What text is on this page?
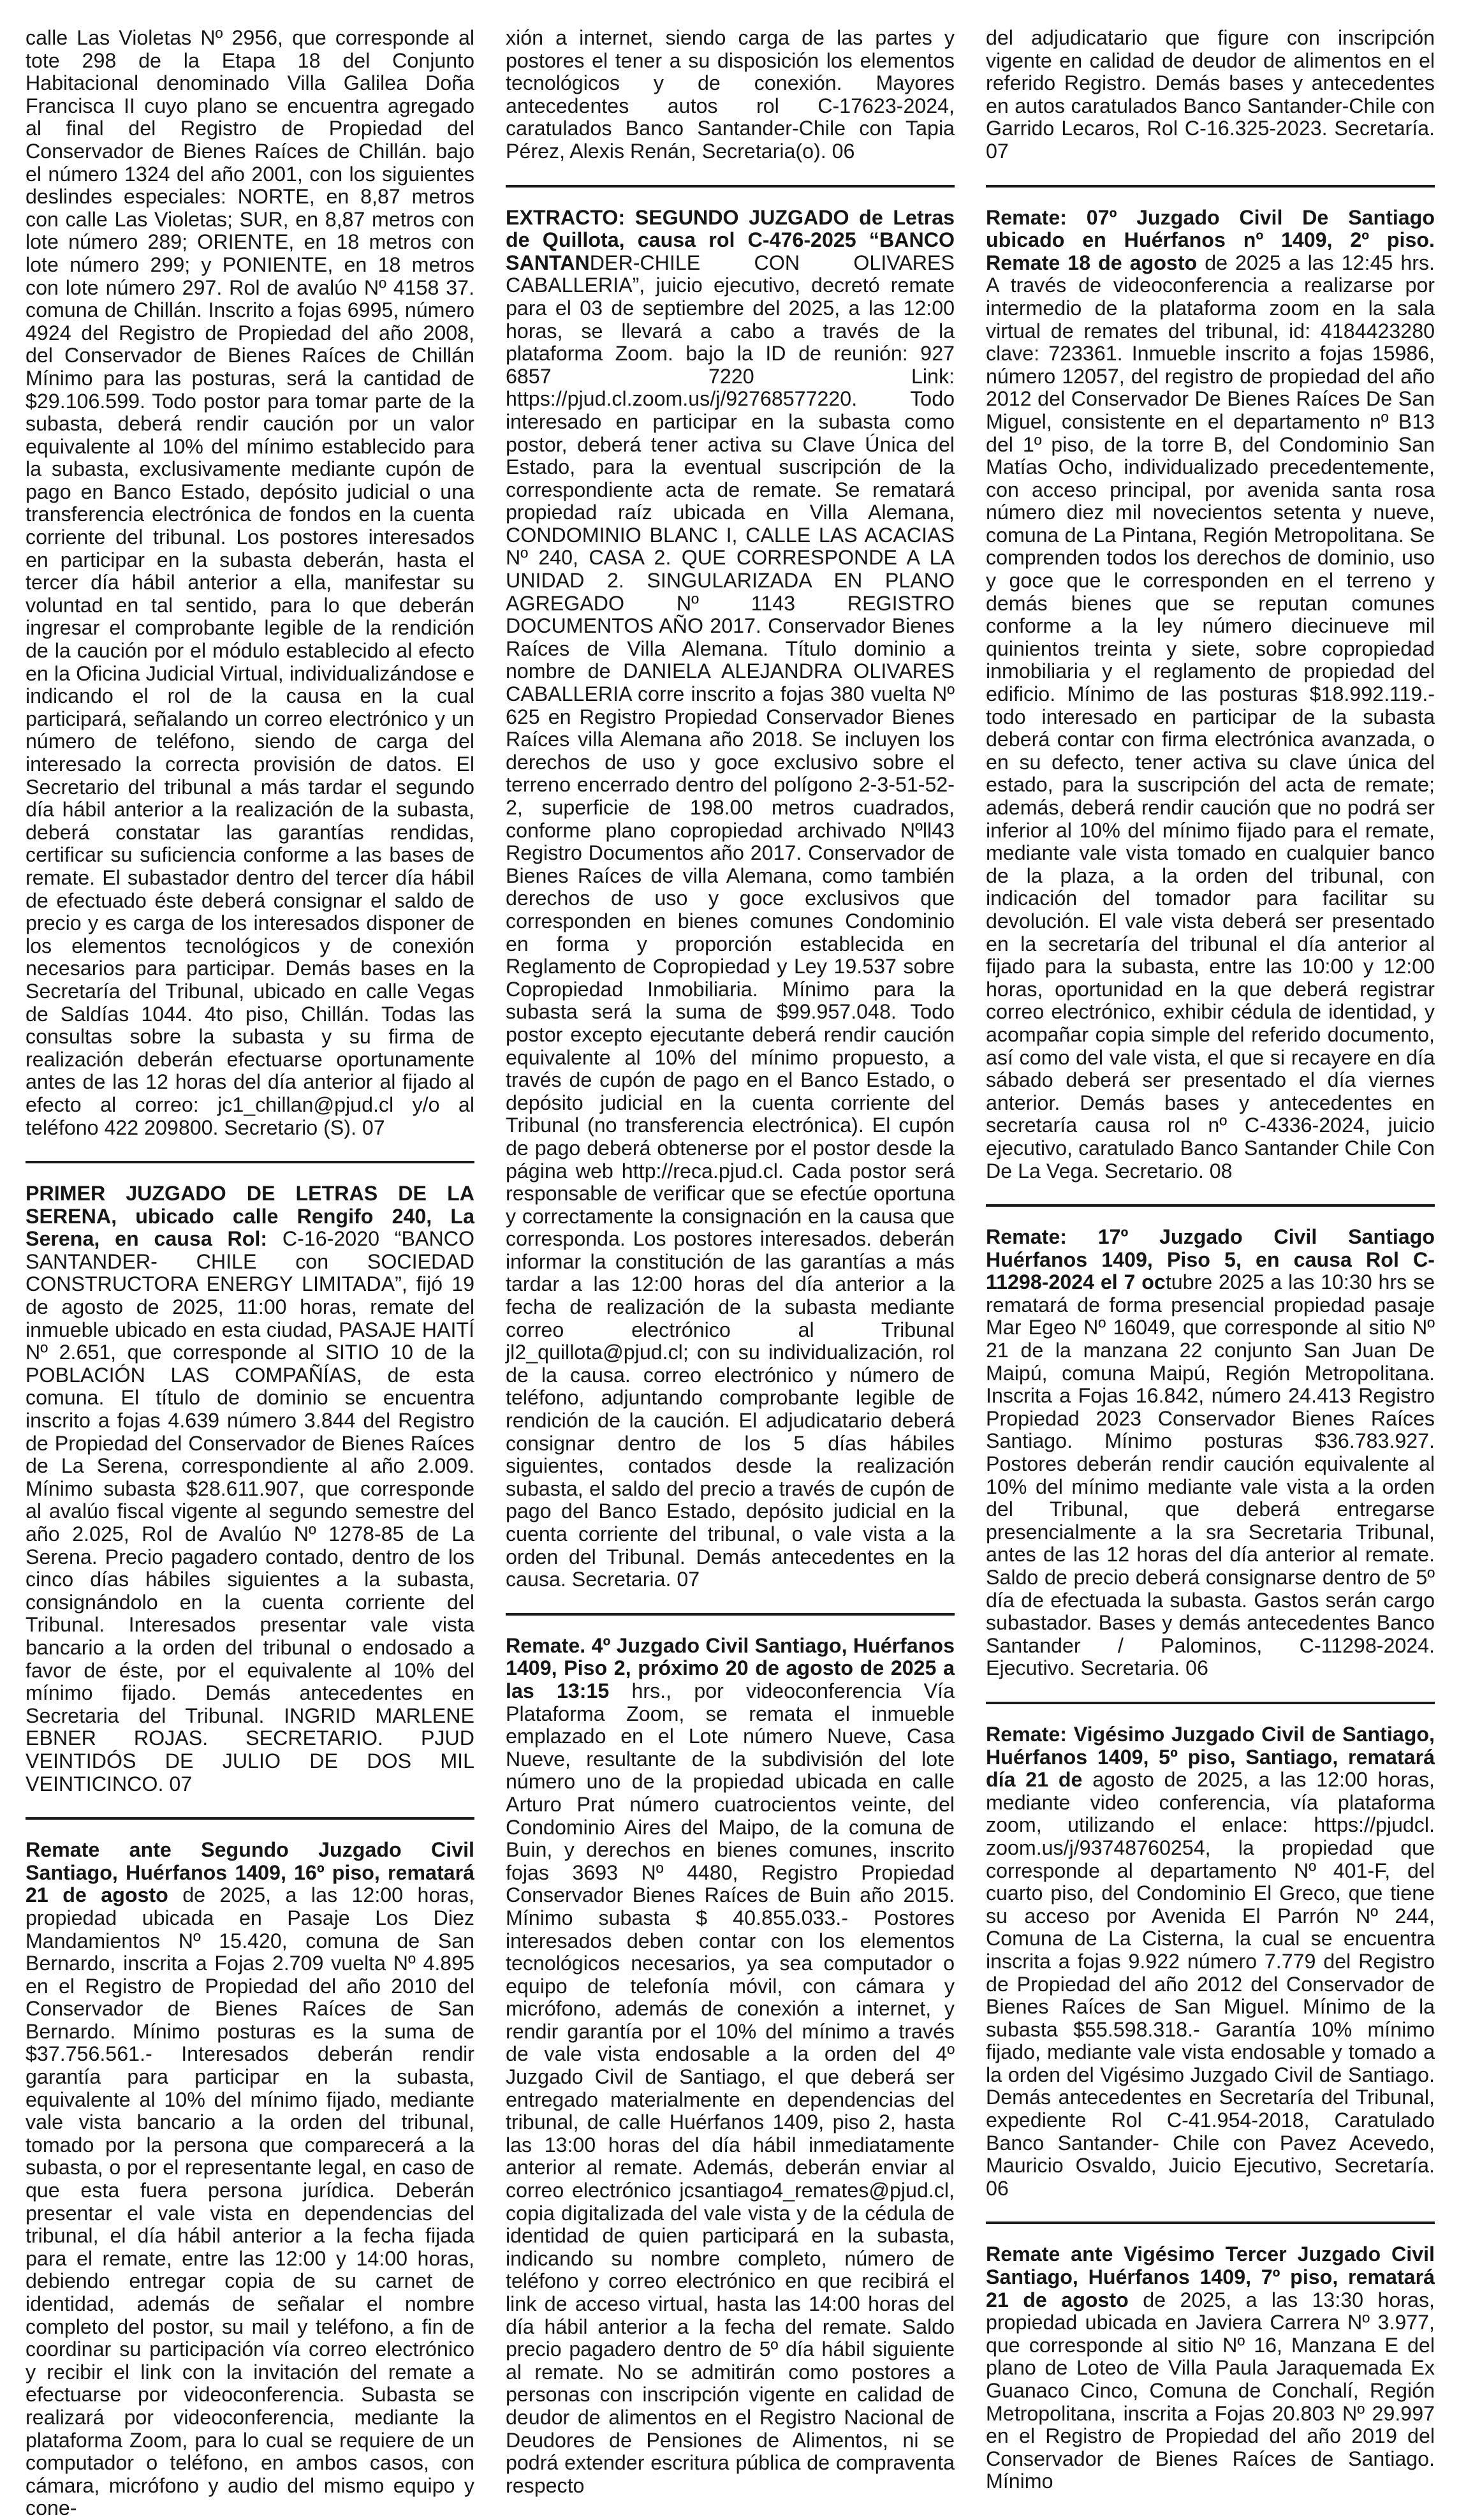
calle Las Violetas Nº 2956, que corresponde al tote 298 de la Etapa 18 del Conjunto Habitacional denominado Villa Galilea Doña Francisca II cuyo plano se encuentra agregado al final del Registro de Propiedad del Conservador de Bienes Raíces de Chillán. bajo el número 1324 del año 2001, con los siguientes deslindes especiales: NORTE, en 8,87 metros con calle Las Violetas; SUR, en 8,87 metros con lote número 289; ORIENTE, en 18 metros con lote número 299; y PONIENTE, en 18 metros con lote número 297. Rol de avalúo Nº 4158 37. comuna de Chillán. Inscrito a fojas 6995, número 4924 del Registro de Propiedad del año 2008, del Conservador de Bienes Raíces de Chillán Mínimo para las posturas, será la cantidad de $29.106.599. Todo postor para tomar parte de la subasta, deberá rendir caución por un valor equivalente al 10% del mínimo establecido para la subasta, exclusivamente mediante cupón de pago en Banco Estado, depósito judicial o una transferencia electrónica de fondos en la cuenta corriente del tribunal. Los postores interesados en participar en la subasta deberán, hasta el tercer día hábil anterior a ella, manifestar su voluntad en tal sentido, para lo que deberán ingresar el comprobante legible de la rendición de la caución por el módulo establecido al efecto en la Oficina Judicial Virtual, individualizándose e indicando el rol de la causa en la cual participará, señalando un correo electrónico y un número de teléfono, siendo de carga del interesado la correcta provisión de datos. El Secretario del tribunal a más tardar el segundo día hábil anterior a la realización de la subasta, deberá constatar las garantías rendidas, certificar su suficiencia conforme a las bases de remate. El subastador dentro del tercer día hábil de efectuado éste deberá consignar el saldo de precio y es carga de los interesados disponer de los elementos tecnológicos y de conexión necesarios para participar. Demás bases en la Secretaría del Tribunal, ubicado en calle Vegas de Saldías 1044. 4to piso, Chillán. Todas las consultas sobre la subasta y su firma de realización deberán efectuarse oportunamente antes de las 12 horas del día anterior al fijado al efecto al correo: jc1_chillan@pjud.cl y/o al teléfono 422 209800. Secretario (S). 07

PRIMER JUZGADO DE LETRAS DE LA SERENA, ubicado calle Rengifo 240, La Serena, en causa Rol: C-16-2020 “BANCO SANTANDER- CHILE con SOCIEDAD CONSTRUCTORA ENERGY LIMITADA”, fijó 19 de agosto de 2025, 11:00 horas, remate del inmueble ubicado en esta ciudad, PASAJE HAITÍ Nº 2.651, que corresponde al SITIO 10 de la POBLACIÓN LAS COMPAÑÍAS, de esta comuna. El título de dominio se encuentra inscrito a fojas 4.639 número 3.844 del Registro de Propiedad del Conservador de Bienes Raíces de La Serena, correspondiente al año 2.009. Mínimo subasta $28.611.907, que corresponde al avalúo fiscal vigente al segundo semestre del año 2.025, Rol de Avalúo Nº 1278-85 de La Serena. Precio pagadero contado, dentro de los cinco días hábiles siguientes a la subasta, consignándolo en la cuenta corriente del Tribunal. Interesados presentar vale vista bancario a la orden del tribunal o endosado a favor de éste, por el equivalente al 10% del mínimo fijado. Demás antecedentes en Secretaria del Tribunal. INGRID MARLENE EBNER ROJAS. SECRETARIO. PJUD VEINTIDÓS DE JULIO DE DOS MIL VEINTICINCO. 07

Remate ante Segundo Juzgado Civil Santiago, Huérfanos 1409, 16º piso, rematará 21 de agosto de 2025, a las 12:00 horas, propiedad ubicada en Pasaje Los Diez Mandamientos Nº 15.420, comuna de San Bernardo, inscrita a Fojas 2.709 vuelta Nº 4.895 en el Registro de Propiedad del año 2010 del Conservador de Bienes Raíces de San Bernardo. Mínimo posturas es la suma de $37.756.561.- Interesados deberán rendir garantía para participar en la subasta, equivalente al 10% del mínimo fijado, mediante vale vista bancario a la orden del tribunal, tomado por la persona que comparecerá a la subasta, o por el representante legal, en caso de que esta fuera persona jurídica. Deberán presentar el vale vista en dependencias del tribunal, el día hábil anterior a la fecha fijada para el remate, entre las 12:00 y 14:00 horas, debiendo entregar copia de su carnet de identidad, además de señalar el nombre completo del postor, su mail y teléfono, a fin de coordinar su participación vía correo electrónico y recibir el link con la invitación del remate a efectuarse por videoconferencia. Subasta se realizará por videoconferencia, mediante la plataforma Zoom, para lo cual se requiere de un computador o teléfono, en ambos casos, con cámara, micrófono y audio del mismo equipo y cone-

xión a internet, siendo carga de las partes y postores el tener a su disposición los elementos tecnológicos y de conexión. Mayores antecedentes autos rol C-17623-2024, caratulados Banco Santander-Chile con Tapia Pérez, Alexis Renán, Secretaria(o). 06

EXTRACTO: SEGUNDO JUZGADO de Letras de Quillota, causa rol C-476-2025 “BANCO SANTANDER-CHILE CON OLIVARES CABALLERIA”, juicio ejecutivo, decretó remate para el 03 de septiembre del 2025, a las 12:00 horas, se llevará a cabo a través de la plataforma Zoom. bajo la ID de reunión: 927 6857 7220 Link: https://pjud.cl.zoom.us/j/92768577220. Todo interesado en participar en la subasta como postor, deberá tener activa su Clave Única del Estado, para la eventual suscripción de la correspondiente acta de remate. Se rematará propiedad raíz ubicada en Villa Alemana, CONDOMINIO BLANC I, CALLE LAS ACACIAS Nº 240, CASA 2. QUE CORRESPONDE A LA UNIDAD 2. SINGULARIZADA EN PLANO AGREGADO Nº 1143 REGISTRO DOCUMENTOS AÑO 2017. Conservador Bienes Raíces de Villa Alemana. Título dominio a nombre de DANIELA ALEJANDRA OLIVARES CABALLERIA corre inscrito a fojas 380 vuelta Nº 625 en Registro Propiedad Conservador Bienes Raíces villa Alemana año 2018. Se incluyen los derechos de uso y goce exclusivo sobre el terreno encerrado dentro del polígono 2-3-51-52-2, superficie de 198.00 metros cuadrados, conforme plano copropiedad archivado Nºll43 Registro Documentos año 2017. Conservador de Bienes Raíces de villa Alemana, como también derechos de uso y goce exclusivos que corresponden en bienes comunes Condominio en forma y proporción establecida en Reglamento de Copropiedad y Ley 19.537 sobre Copropiedad Inmobiliaria. Mínimo para la subasta será la suma de $99.957.048. Todo postor excepto ejecutante deberá rendir caución equivalente al 10% del mínimo propuesto, a través de cupón de pago en el Banco Estado, o depósito judicial en la cuenta corriente del Tribunal (no transferencia electrónica). El cupón de pago deberá obtenerse por el postor desde la página web http://reca.pjud.cl. Cada postor será responsable de verificar que se efectúe oportuna y correctamente la consignación en la causa que corresponda. Los postores interesados. deberán informar la constitución de las garantías a más tardar a las 12:00 horas del día anterior a la fecha de realización de la subasta mediante correo electrónico al Tribunal jl2_quillota@pjud.cl; con su individualización, rol de la causa. correo electrónico y número de teléfono, adjuntando comprobante legible de rendición de la caución. El adjudicatario deberá consignar dentro de los 5 días hábiles siguientes, contados desde la realización subasta, el saldo del precio a través de cupón de pago del Banco Estado, depósito judicial en la cuenta corriente del tribunal, o vale vista a la orden del Tribunal. Demás antecedentes en la causa. Secretaria. 07

Remate. 4º Juzgado Civil Santiago, Huérfanos 1409, Piso 2, próximo 20 de agosto de 2025 a las 13:15 hrs., por videoconferencia Vía Plataforma Zoom, se remata el inmueble emplazado en el Lote número Nueve, Casa Nueve, resultante de la subdivisión del lote número uno de la propiedad ubicada en calle Arturo Prat número cuatrocientos veinte, del Condominio Aires del Maipo, de la comuna de Buin, y derechos en bienes comunes, inscrito fojas 3693 Nº 4480, Registro Propiedad Conservador Bienes Raíces de Buin año 2015. Mínimo subasta $ 40.855.033.- Postores interesados deben contar con los elementos tecnológicos necesarios, ya sea computador o equipo de telefonía móvil, con cámara y micrófono, además de conexión a internet, y rendir garantía por el 10% del mínimo a través de vale vista endosable a la orden del 4º Juzgado Civil de Santiago, el que deberá ser entregado materialmente en dependencias del tribunal, de calle Huérfanos 1409, piso 2, hasta las 13:00 horas del día hábil inmediatamente anterior al remate. Además, deberán enviar al correo electrónico jcsantiago4_remates@pjud.cl, copia digitalizada del vale vista y de la cédula de identidad de quien participará en la subasta, indicando su nombre completo, número de teléfono y correo electrónico en que recibirá el link de acceso virtual, hasta las 14:00 horas del día hábil anterior a la fecha del remate. Saldo precio pagadero dentro de 5º día hábil siguiente al remate. No se admitirán como postores a personas con inscripción vigente en calidad de deudor de alimentos en el Registro Nacional de Deudores de Pensiones de Alimentos, ni se podrá extender escritura pública de compraventa respecto

del adjudicatario que figure con inscripción vigente en calidad de deudor de alimentos en el referido Registro. Demás bases y antecedentes en autos caratulados Banco Santander-Chile con Garrido Lecaros, Rol C-16.325-2023. Secretaría. 07

Remate: 07º Juzgado Civil De Santiago ubicado en Huérfanos nº 1409, 2º piso. Remate 18 de agosto de 2025 a las 12:45 hrs. A través de videoconferencia a realizarse por intermedio de la plataforma zoom en la sala virtual de remates del tribunal, id: 4184423280 clave: 723361. Inmueble inscrito a fojas 15986, número 12057, del registro de propiedad del año 2012 del Conservador De Bienes Raíces De San Miguel, consistente en el departamento nº B13 del 1º piso, de la torre B, del Condominio San Matías Ocho, individualizado precedentemente, con acceso principal, por avenida santa rosa número diez mil novecientos setenta y nueve, comuna de La Pintana, Región Metropolitana. Se comprenden todos los derechos de dominio, uso y goce que le corresponden en el terreno y demás bienes que se reputan comunes conforme a la ley número diecinueve mil quinientos treinta y siete, sobre copropiedad inmobiliaria y el reglamento de propiedad del edificio. Mínimo de las posturas $18.992.119.- todo interesado en participar de la subasta deberá contar con firma electrónica avanzada, o en su defecto, tener activa su clave única del estado, para la suscripción del acta de remate; además, deberá rendir caución que no podrá ser inferior al 10% del mínimo fijado para el remate, mediante vale vista tomado en cualquier banco de la plaza, a la orden del tribunal, con indicación del tomador para facilitar su devolución. El vale vista deberá ser presentado en la secretaría del tribunal el día anterior al fijado para la subasta, entre las 10:00 y 12:00 horas, oportunidad en la que deberá registrar correo electrónico, exhibir cédula de identidad, y acompañar copia simple del referido documento, así como del vale vista, el que si recayere en día sábado deberá ser presentado el día viernes anterior. Demás bases y antecedentes en secretaría causa rol nº C-4336-2024, juicio ejecutivo, caratulado Banco Santander Chile Con De La Vega. Secretario. 08

Remate: 17º Juzgado Civil Santiago Huérfanos 1409, Piso 5, en causa Rol C-11298-2024 el 7 octubre 2025 a las 10:30 hrs se rematará de forma presencial propiedad pasaje Mar Egeo Nº 16049, que corresponde al sitio Nº 21 de la manzana 22 conjunto San Juan De Maipú, comuna Maipú, Región Metropolitana. Inscrita a Fojas 16.842, número 24.413 Registro Propiedad 2023 Conservador Bienes Raíces Santiago. Mínimo posturas $36.783.927. Postores deberán rendir caución equivalente al 10% del mínimo mediante vale vista a la orden del Tribunal, que deberá entregarse presencialmente a la sra Secretaria Tribunal, antes de las 12 horas del día anterior al remate. Saldo de precio deberá consignarse dentro de 5º día de efectuada la subasta. Gastos serán cargo subastador. Bases y demás antecedentes Banco Santander / Palominos, C-11298-2024. Ejecutivo. Secretaria. 06

Remate: Vigésimo Juzgado Civil de Santiago, Huérfanos 1409, 5º piso, Santiago, rematará día 21 de agosto de 2025, a las 12:00 horas, mediante video conferencia, vía plataforma zoom, utilizando el enlace: https://pjudcl. zoom.us/j/93748760254, la propiedad que corresponde al departamento Nº 401-F, del cuarto piso, del Condominio El Greco, que tiene su acceso por Avenida El Parrón Nº 244, Comuna de La Cisterna, la cual se encuentra inscrita a fojas 9.922 número 7.779 del Registro de Propiedad del año 2012 del Conservador de Bienes Raíces de San Miguel. Mínimo de la subasta $55.598.318.- Garantía 10% mínimo fijado, mediante vale vista endosable y tomado a la orden del Vigésimo Juzgado Civil de Santiago. Demás antecedentes en Secretaría del Tribunal, expediente Rol C-41.954-2018, Caratulado Banco Santander- Chile con Pavez Acevedo, Mauricio Osvaldo, Juicio Ejecutivo, Secretaría. 06

Remate ante Vigésimo Tercer Juzgado Civil Santiago, Huérfanos 1409, 7º piso, rematará 21 de agosto de 2025, a las 13:30 horas, propiedad ubicada en Javiera Carrera Nº 3.977, que corresponde al sitio Nº 16, Manzana E del plano de Loteo de Villa Paula Jaraquemada Ex Guanaco Cinco, Comuna de Conchalí, Región Metropolitana, inscrita a Fojas 20.803 Nº 29.997 en el Registro de Propiedad del año 2019 del Conservador de Bienes Raíces de Santiago. Mínimo
